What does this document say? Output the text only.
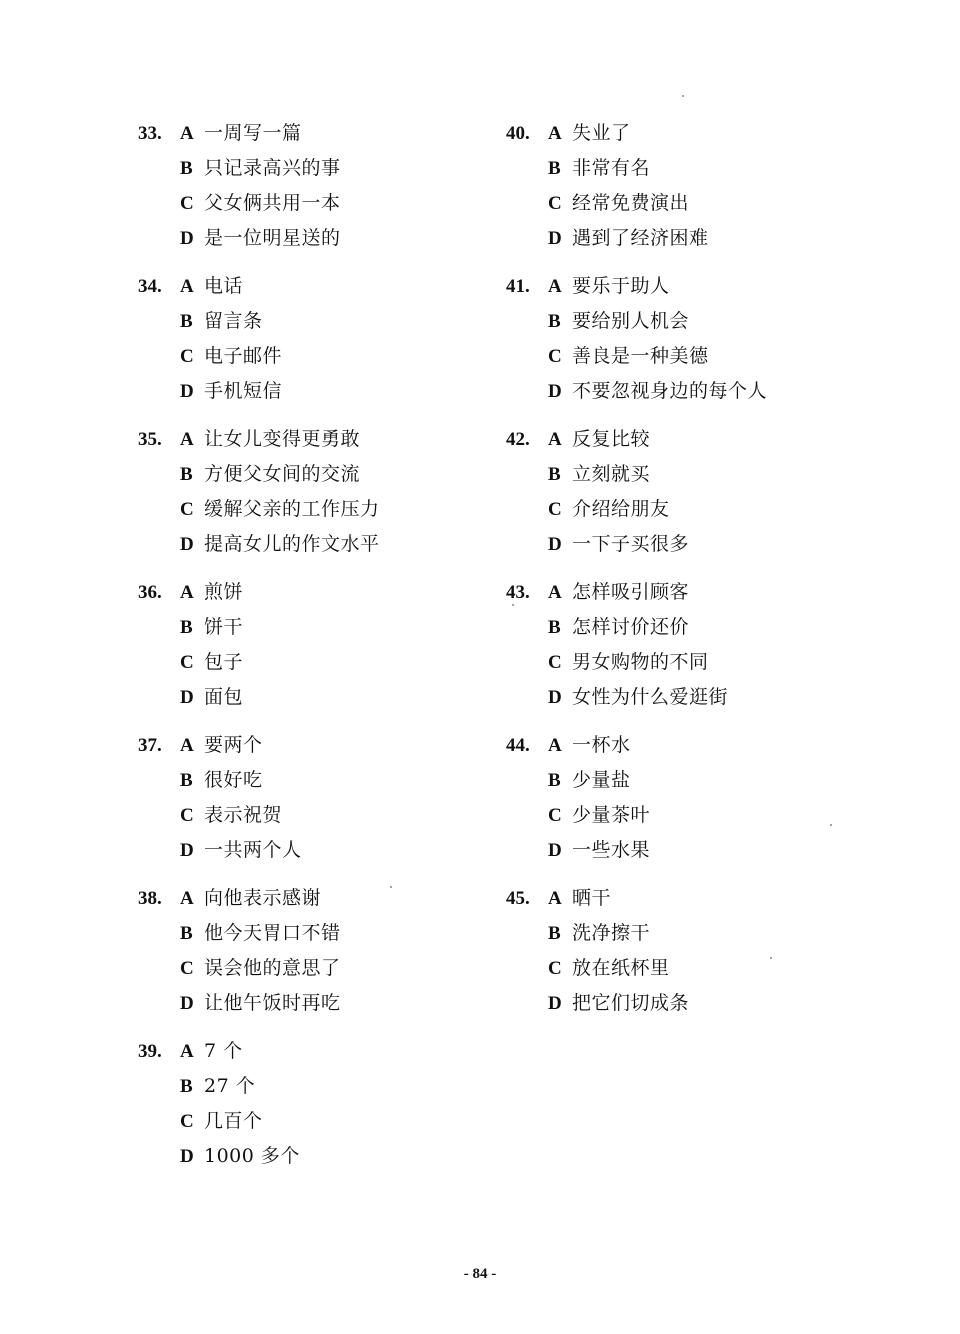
33. A 一周写一篇
B 只记录高兴的事
C 父女俩共用一本
D 是一位明星送的
34. A 电话
B 留言条
C 电子邮件
D 手机短信
35. A 让女儿变得更勇敢
B 方便父女间的交流
C 缓解父亲的工作压力
D 提高女儿的作文水平
36. A 煎饼
B 饼干
C 包子
D 面包
37. A 要两个
B 很好吃
C 表示祝贺
D 一共两个人
38. A 向他表示感谢
B 他今天胃口不错
C 误会他的意思了
D 让他午饭时再吃
39. A 7 个
B 27 个
C 几百个
D 1000 多个
40. A 失业了
B 非常有名
C 经常免费演出
D 遇到了经济困难
41. A 要乐于助人
B 要给别人机会
C 善良是一种美德
D 不要忽视身边的每个人
42. A 反复比较
B 立刻就买
C 介绍给朋友
D 一下子买很多
43. A 怎样吸引顾客
B 怎样讨价还价
C 男女购物的不同
D 女性为什么爱逛街
44. A 一杯水
B 少量盐
C 少量茶叶
D 一些水果
45. A 晒干
B 洗净擦干
C 放在纸杯里
D 把它们切成条
- 84 -
